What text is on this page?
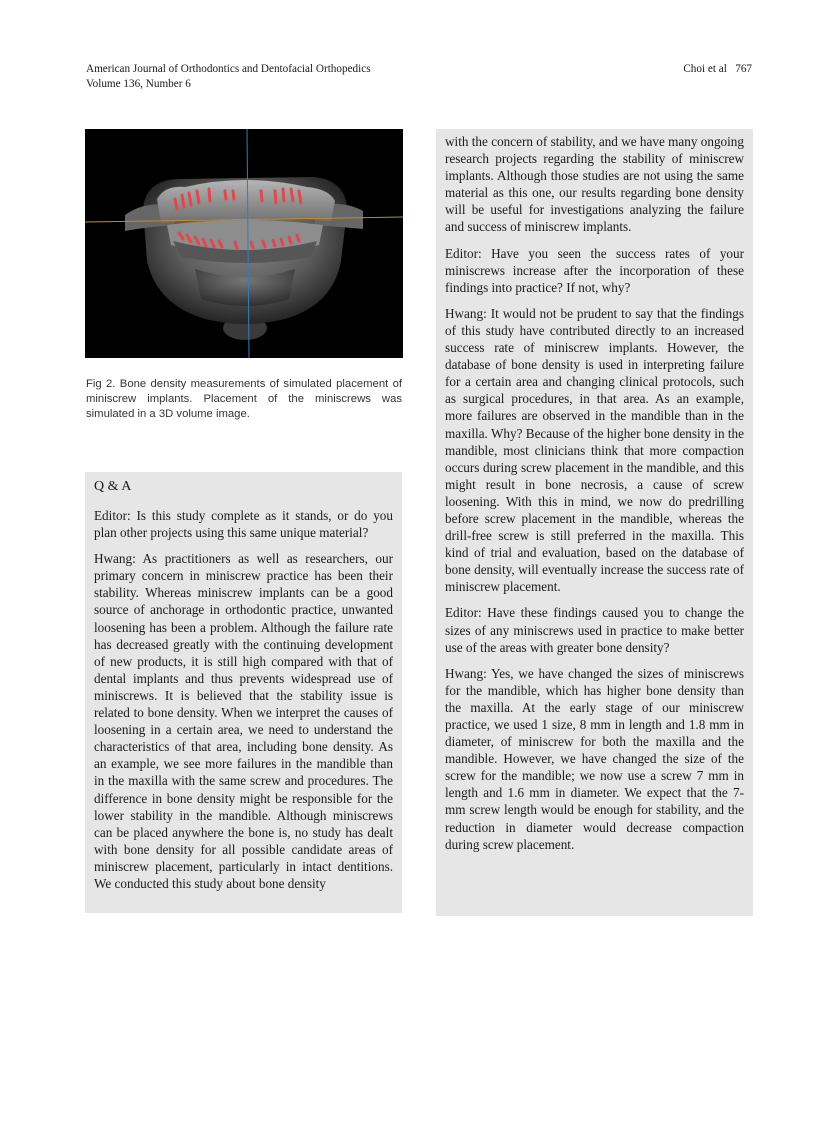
American Journal of Orthodontics and Dentofacial Orthopedics
Volume 136, Number 6
Choi et al 767

Fig 2. Bone density measurements of simulated placement of miniscrew implants. Placement of the miniscrews was simulated in a 3D volume image.

Q & A

Editor: Is this study complete as it stands, or do you plan other projects using this same unique material?

Hwang: As practitioners as well as researchers, our primary concern in miniscrew practice has been their stability. Whereas miniscrew implants can be a good source of anchorage in orthodontic practice, unwanted loosening has been a problem. Although the failure rate has decreased greatly with the continuing development of new products, it is still high compared with that of dental implants and thus prevents widespread use of miniscrews. It is believed that the stability issue is related to bone density. When we interpret the causes of loosening in a certain area, we need to understand the characteristics of that area, including bone density. As an example, we see more failures in the mandible than in the maxilla with the same screw and procedures. The difference in bone density might be responsible for the lower stability in the mandible. Although miniscrews can be placed anywhere the bone is, no study has dealt with bone density for all possible candidate areas of miniscrew placement, particularly in intact dentitions. We conducted this study about bone density

with the concern of stability, and we have many ongoing research projects regarding the stability of miniscrew implants. Although those studies are not using the same material as this one, our results regarding bone density will be useful for investigations analyzing the failure and success of miniscrew implants.

Editor: Have you seen the success rates of your miniscrews increase after the incorporation of these findings into practice? If not, why?

Hwang: It would not be prudent to say that the findings of this study have contributed directly to an increased success rate of miniscrew implants. However, the database of bone density is used in interpreting failure for a certain area and changing clinical protocols, such as surgical procedures, in that area. As an example, more failures are observed in the mandible than in the maxilla. Why? Because of the higher bone density in the mandible, most clinicians think that more compaction occurs during screw placement in the mandible, and this might result in bone necrosis, a cause of screw loosening. With this in mind, we now do predrilling before screw placement in the mandible, whereas the drill-free screw is still preferred in the maxilla. This kind of trial and evaluation, based on the database of bone density, will eventually increase the success rate of miniscrew placement.

Editor: Have these findings caused you to change the sizes of any miniscrews used in practice to make better use of the areas with greater bone density?

Hwang: Yes, we have changed the sizes of miniscrews for the mandible, which has higher bone density than the maxilla. At the early stage of our miniscrew practice, we used 1 size, 8 mm in length and 1.8 mm in diameter, of miniscrew for both the maxilla and the mandible. However, we have changed the size of the screw for the mandible; we now use a screw 7 mm in length and 1.6 mm in diameter. We expect that the 7-mm screw length would be enough for stability, and the reduction in diameter would decrease compaction during screw placement.
